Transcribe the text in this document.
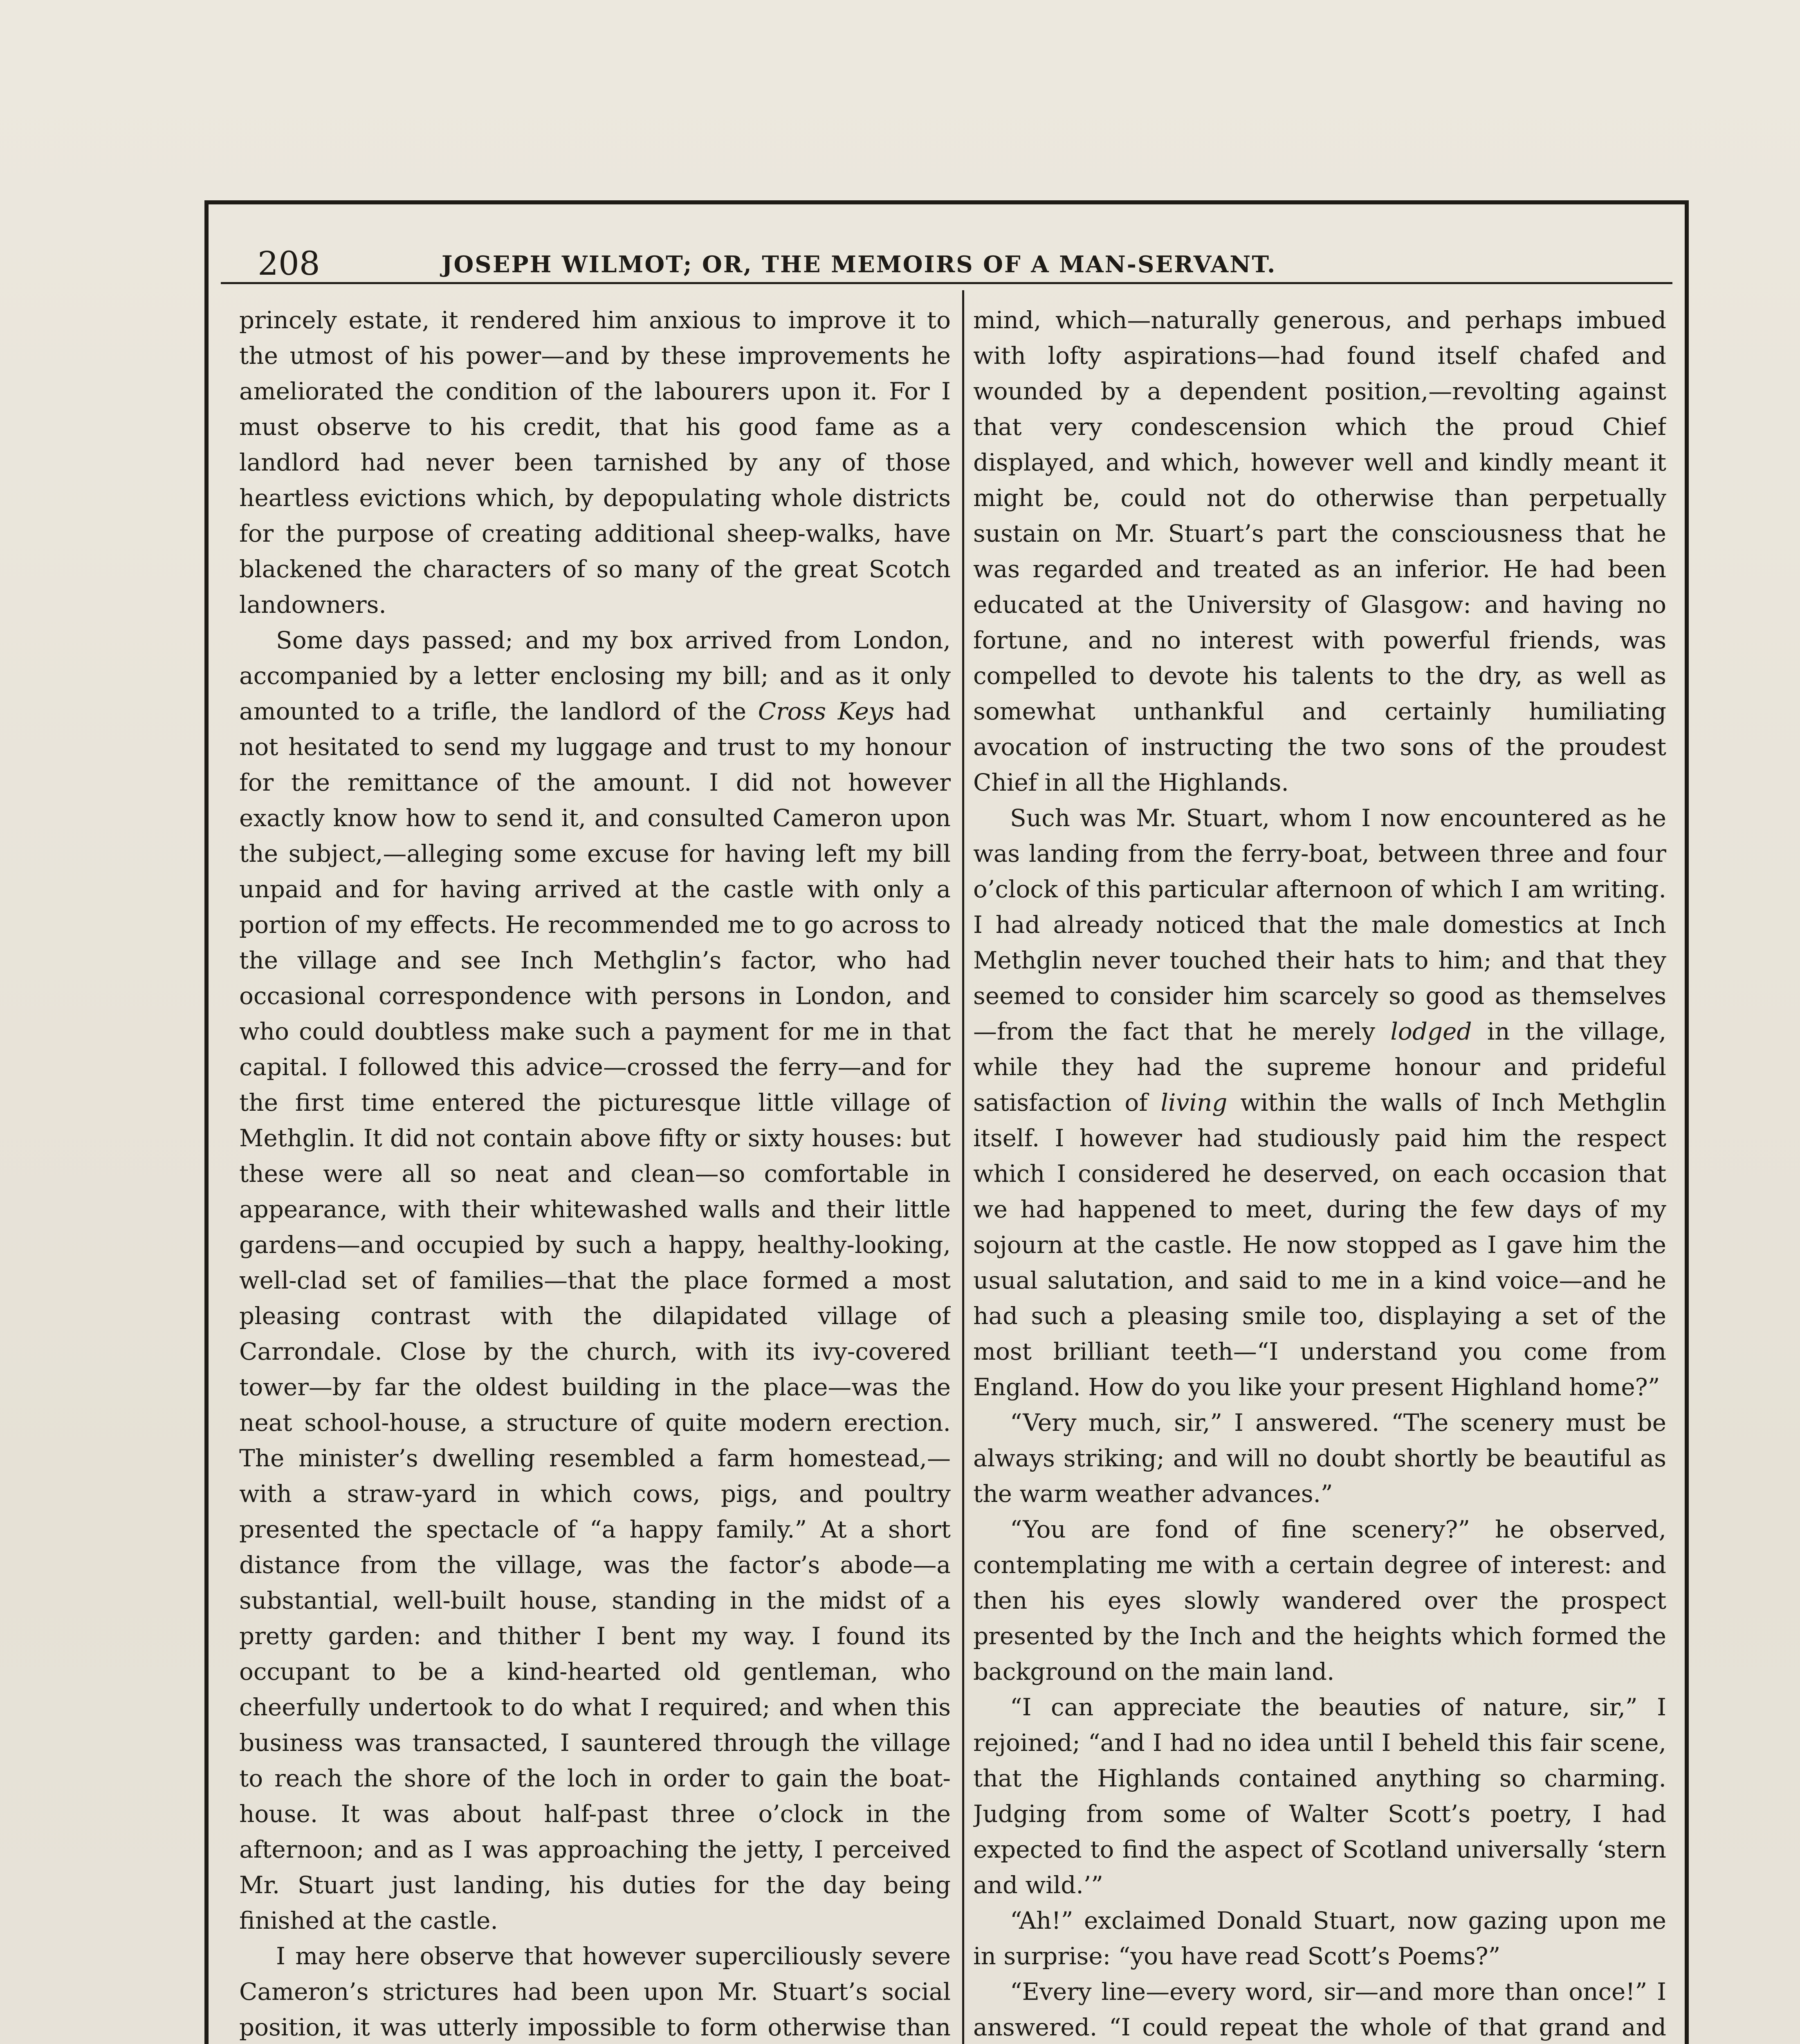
208	JOSEPH WILMOT; OR, THE MEMOIRS OF A MAN-SERVANT.

princely estate, it rendered him anxious to improve it to the utmost of his power—and by these improvements he ameliorated the condition of the labourers upon it. For I must observe to his credit, that his good fame as a landlord had never been tarnished by any of those heartless evictions which, by depopulating whole districts for the purpose of creating additional sheep-walks, have blackened the characters of so many of the great Scotch landowners.

Some days passed; and my box arrived from London, accompanied by a letter enclosing my bill; and as it only amounted to a trifle, the landlord of the Cross Keys had not hesitated to send my luggage and trust to my honour for the remittance of the amount. I did not however exactly know how to send it, and consulted Cameron upon the subject,—alleging some excuse for having left my bill unpaid and for having arrived at the castle with only a portion of my effects. He recommended me to go across to the village and see Inch Methglin’s factor, who had occasional correspondence with persons in London, and who could doubtless make such a payment for me in that capital. I followed this advice—crossed the ferry—and for the first time entered the picturesque little village of Methglin. It did not contain above fifty or sixty houses: but these were all so neat and clean—so comfortable in appearance, with their whitewashed walls and their little gardens—and occupied by such a happy, healthy-looking, well-clad set of families—that the place formed a most pleasing contrast with the dilapidated village of Carrondale. Close by the church, with its ivy-covered tower—by far the oldest building in the place—was the neat school-house, a structure of quite modern erection. The minister’s dwelling resembled a farm homestead,—with a straw-yard in which cows, pigs, and poultry presented the spectacle of “a happy family.” At a short distance from the village, was the factor’s abode—a substantial, well-built house, standing in the midst of a pretty garden: and thither I bent my way. I found its occupant to be a kind-hearted old gentleman, who cheerfully undertook to do what I required; and when this business was transacted, I sauntered through the village to reach the shore of the loch in order to gain the boat-house. It was about half-past three o’clock in the afternoon; and as I was approaching the jetty, I perceived Mr. Stuart just landing, his duties for the day being finished at the castle.

I may here observe that however superciliously severe Cameron’s strictures had been upon Mr. Stuart’s social position, it was utterly impossible to form otherwise than

mind, which—naturally generous, and perhaps imbued with lofty aspirations—had found itself chafed and wounded by a dependent position,—revolting against that very condescension which the proud Chief displayed, and which, however well and kindly meant it might be, could not do otherwise than perpetually sustain on Mr. Stuart’s part the consciousness that he was regarded and treated as an inferior. He had been educated at the University of Glasgow: and having no fortune, and no interest with powerful friends, was compelled to devote his talents to the dry, as well as somewhat unthankful and certainly humiliating avocation of instructing the two sons of the proudest Chief in all the Highlands.

Such was Mr. Stuart, whom I now encountered as he was landing from the ferry-boat, between three and four o’clock of this particular afternoon of which I am writing. I had already noticed that the male domestics at Inch Methglin never touched their hats to him; and that they seemed to consider him scarcely so good as themselves—from the fact that he merely lodged in the village, while they had the supreme honour and prideful satisfaction of living within the walls of Inch Methglin itself. I however had studiously paid him the respect which I considered he deserved, on each occasion that we had happened to meet, during the few days of my sojourn at the castle. He now stopped as I gave him the usual salutation, and said to me in a kind voice—and he had such a pleasing smile too, displaying a set of the most brilliant teeth—“I understand you come from England. How do you like your present Highland home?”

“Very much, sir,” I answered. “The scenery must be always striking; and will no doubt shortly be beautiful as the warm weather advances.”

“You are fond of fine scenery?” he observed, contemplating me with a certain degree of interest: and then his eyes slowly wandered over the prospect presented by the Inch and the heights which formed the background on the main land.

“I can appreciate the beauties of nature, sir,” I rejoined; “and I had no idea until I beheld this fair scene, that the Highlands contained anything so charming. Judging from some of Walter Scott’s poetry, I had expected to find the aspect of Scotland universally ‘stern and wild.’”

“Ah!” exclaimed Donald Stuart, now gazing upon me in surprise: “you have read Scott’s Poems?”

“Every line—every word, sir—and more than once!” I answered. “I could repeat the whole of that grand and
